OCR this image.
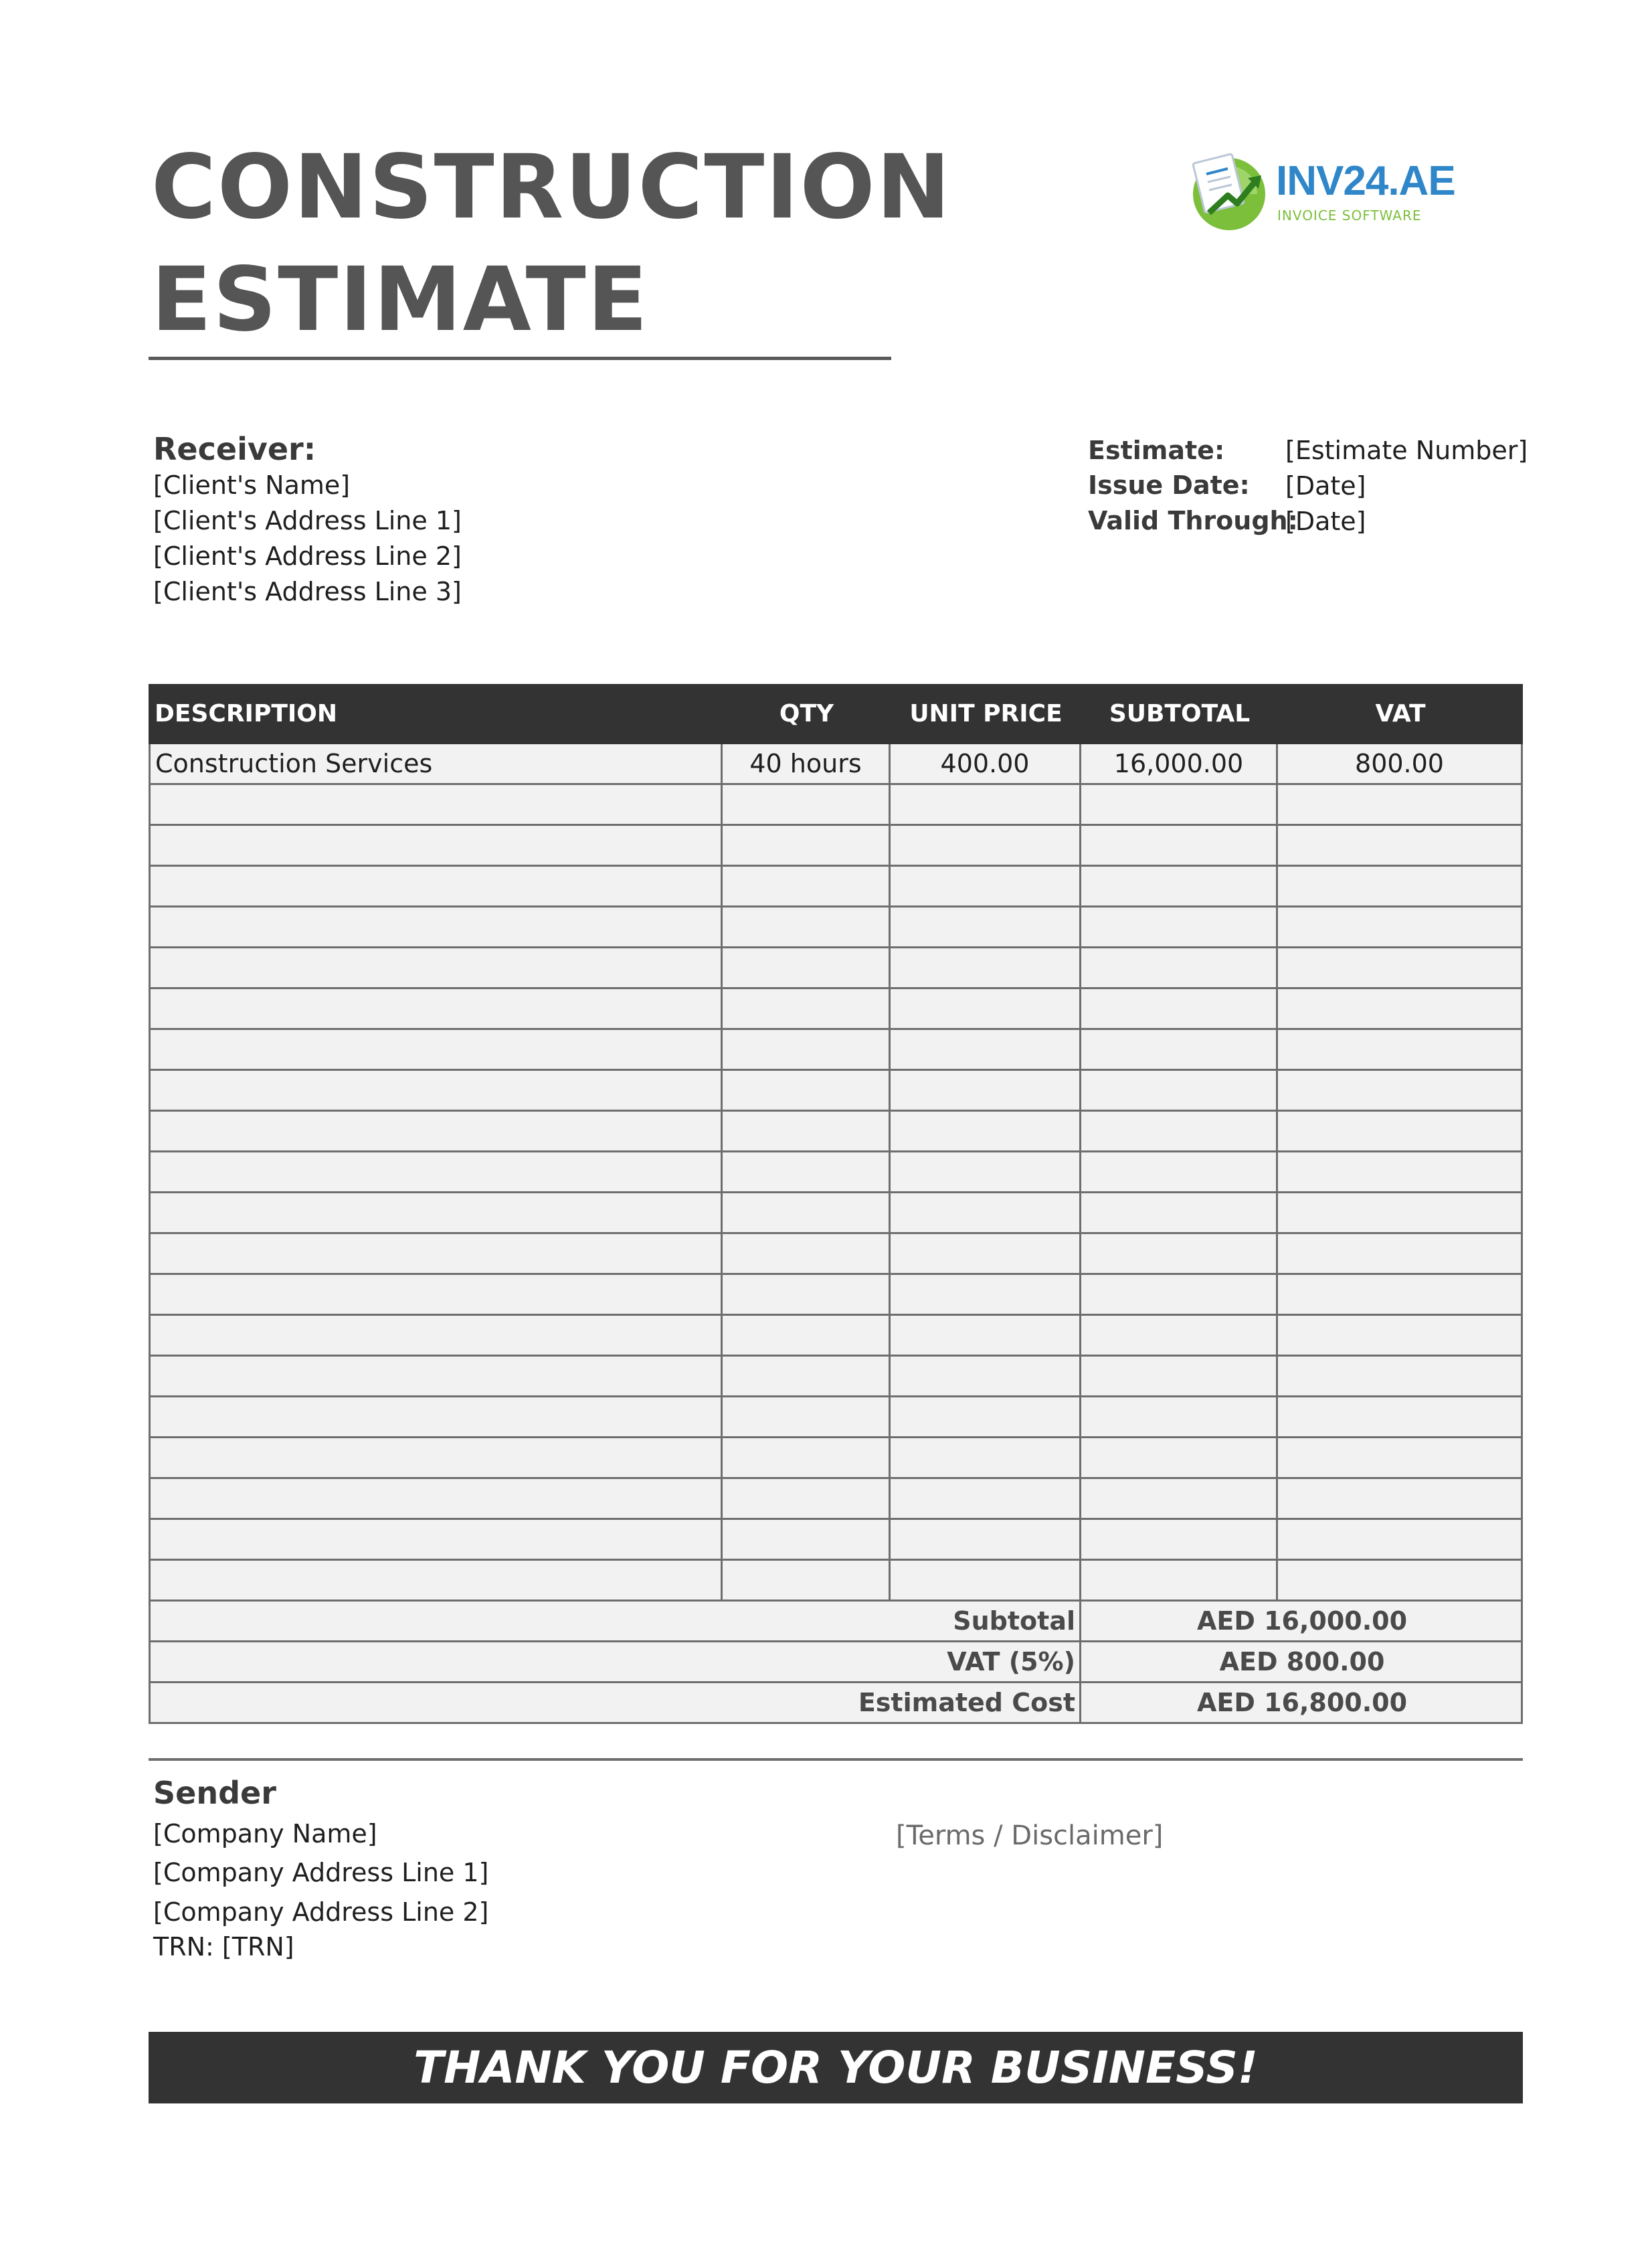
CONSTRUCTION
ESTIMATE
INV24.AE
INVOICE SOFTWARE
Receiver:
[Client's Name]
[Client's Address Line 1]
[Client's Address Line 2]
[Client's Address Line 3]
Estimate: [Estimate Number]
Issue Date: [Date]
Valid Through:
[Date]
DESCRIPTION	QTY	UNIT PRICE	SUBTOTAL	VAT
Construction Services	40 hours	400.00	16,000.00	800.00
Subtotal	AED 16,000.00
VAT (5%)	AED 800.00
Estimated Cost	AED 16,800.00
Sender
[Company Name]
[Company Address Line 1]
[Company Address Line 2]
TRN: [TRN]
[Terms / Disclaimer]
THANK YOU FOR YOUR BUSINESS!
